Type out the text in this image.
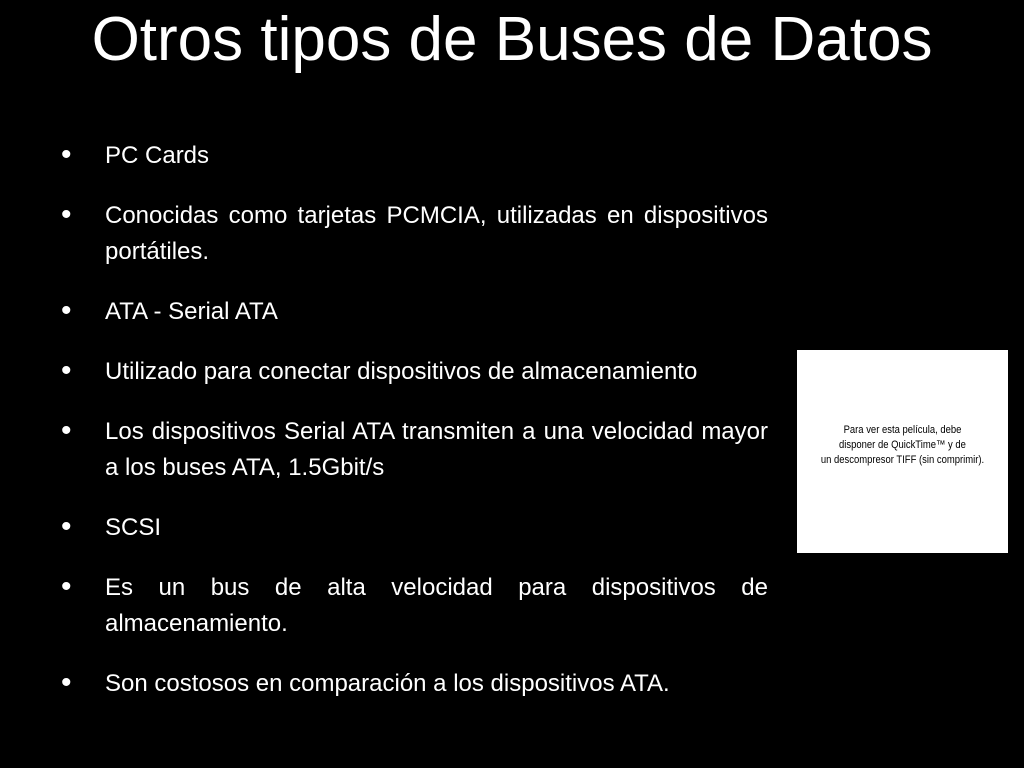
Otros tipos de Buses de Datos
• PC Cards
• Conocidas como tarjetas PCMCIA, utilizadas en dispositivos portátiles.
• ATA - Serial ATA
• Utilizado para conectar dispositivos de almacenamiento
• Los dispositivos Serial ATA transmiten a una velocidad mayor a los buses ATA, 1.5Gbit/s
• SCSI
• Es un bus de alta velocidad para dispositivos de almacenamiento.
• Son costosos en comparación a los dispositivos ATA.
Para ver esta película, debe
disponer de QuickTime™ y de
un descompresor TIFF (sin comprimir).
